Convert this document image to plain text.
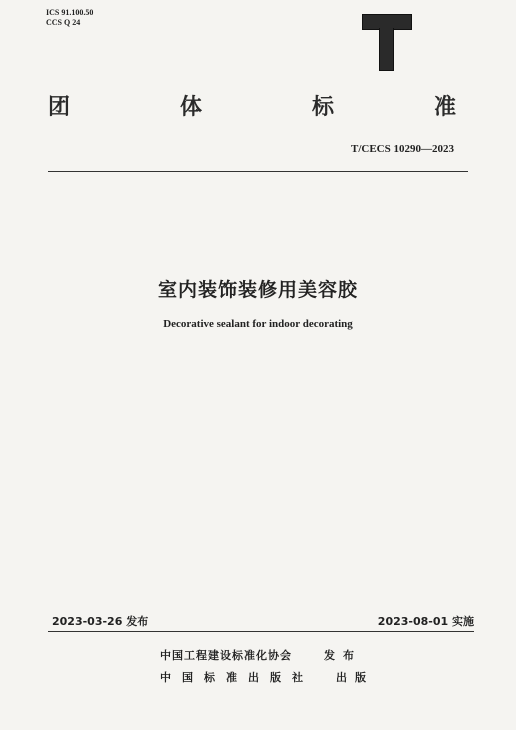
ICS 91.100.50
CCS Q 24
团	体	标	准
T/CECS 10290—2023
室内装饰装修用美容胶
Decorative sealant for indoor decorating
2023-03-26 发布	2023-08-01 实施
中国工程建设标准化协会	发布
中国标准出版社 出版
